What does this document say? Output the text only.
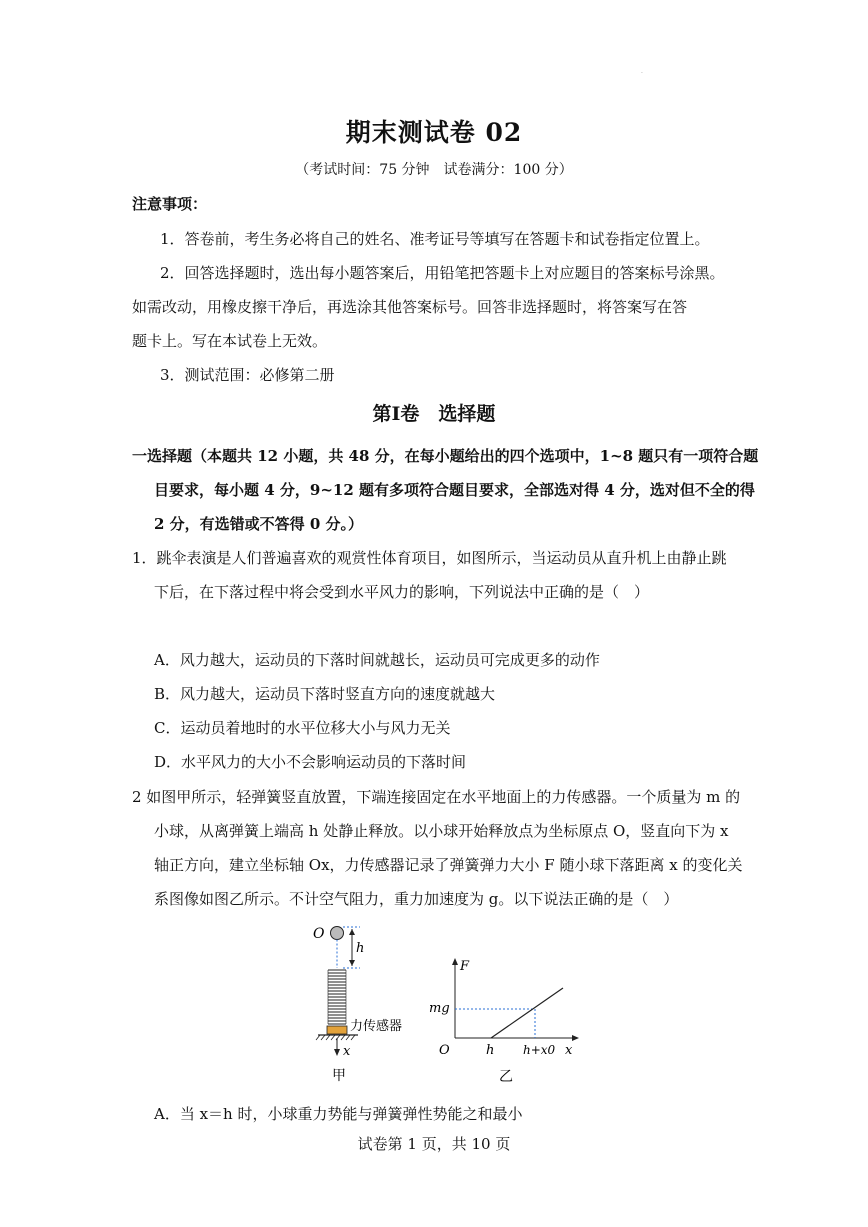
·
期末测试卷 02
（考试时间：75 分钟　试卷满分：100 分）
注意事项：
1．答卷前，考生务必将自己的姓名、准考证号等填写在答题卡和试卷指定位置上。
2．回答选择题时，选出每小题答案后，用铅笔把答题卡上对应题目的答案标号涂黑。
如需改动，用橡皮擦干净后，再选涂其他答案标号。回答非选择题时，将答案写在答
题卡上。写在本试卷上无效。
3．测试范围：必修第二册
第Ⅰ卷　选择题
一选择题（本题共 12 小题，共 48 分，在每小题给出的四个选项中，1~8 题只有一项符合题
目要求，每小题 4 分，9~12 题有多项符合题目要求，全部选对得 4 分，选对但不全的得
2 分，有选错或不答得 0 分。）
1．跳伞表演是人们普遍喜欢的观赏性体育项目，如图所示，当运动员从直升机上由静止跳
下后，在下落过程中将会受到水平风力的影响，下列说法中正确的是（　）
A．风力越大，运动员的下落时间就越长，运动员可完成更多的动作
B．风力越大，运动员下落时竖直方向的速度就越大
C．运动员着地时的水平位移大小与风力无关
D．水平风力的大小不会影响运动员的下落时间
2 如图甲所示，轻弹簧竖直放置，下端连接固定在水平地面上的力传感器。一个质量为 m 的
小球，从离弹簧上端高 h 处静止释放。以小球开始释放点为坐标原点 O，竖直向下为 x
轴正方向，建立坐标轴 Ox，力传感器记录了弹簧弹力大小 F 随小球下落距离 x 的变化关
系图像如图乙所示。不计空气阻力，重力加速度为 g。以下说法正确的是（　）
O
h
力传感器
x
甲
F
mg
O	h h+x0 x
乙
A．当 x＝h 时，小球重力势能与弹簧弹性势能之和最小
试卷第 1 页，共 10 页
